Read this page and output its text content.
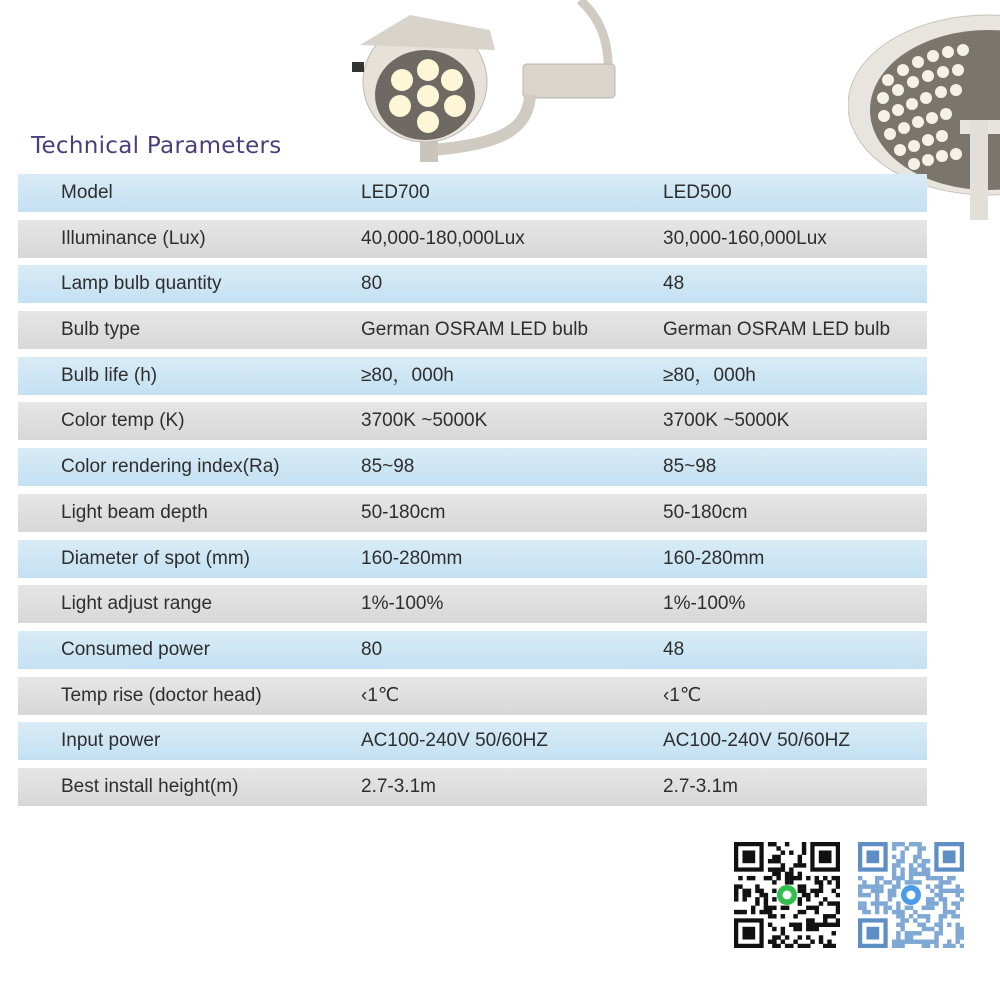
Technical Parameters
Model	LED700	LED500
Illuminance (Lux)	40,000-180,000Lux	30,000-160,000Lux
Lamp bulb quantity	80	48
Bulb type	German OSRAM LED bulb	German OSRAM LED bulb
Bulb life (h)	≥80，000h	≥80，000h
Color temp (K)	3700K ~5000K	3700K ~5000K
Color rendering index(Ra)	85~98	85~98
Light beam depth	50-180cm	50-180cm
Diameter of spot (mm)	160-280mm	160-280mm
Light adjust range	1%-100%	1%-100%
Consumed power	80	48
Temp rise (doctor head)	‹1℃	‹1℃
Input power	AC100-240V 50/60HZ	AC100-240V 50/60HZ
Best install height(m)	2.7-3.1m	2.7-3.1m
